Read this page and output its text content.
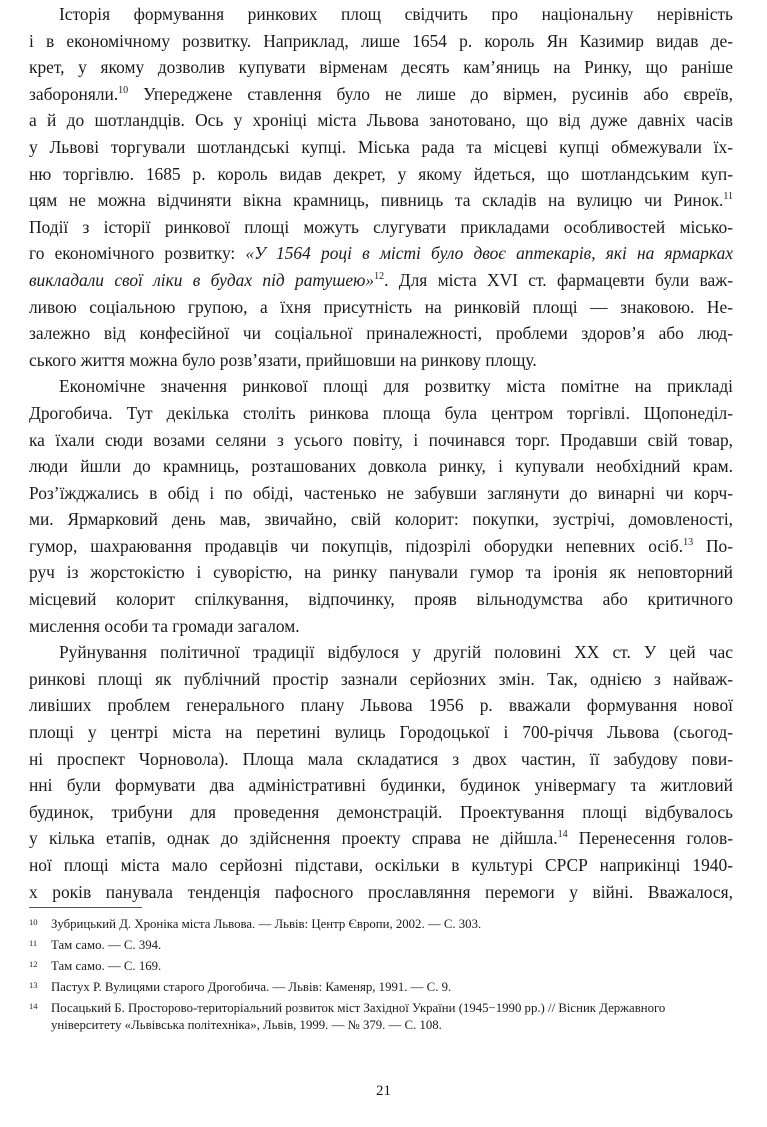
Історія формування ринкових площ свідчить про національну нерівність
і в економічному розвитку. Наприклад, лише 1654 р. король Ян Казимир видав де-
крет, у якому дозволив купувати вірменам десять кам’яниць на Ринку, що раніше
забороняли.$^{10}$ Упереджене ставлення було не лише до вірмен, русинів або євреїв,
а й до шотландців. Ось у хроніці міста Львова занотовано, що від дуже давніх часів
у Львові торгували шотландські купці. Міська рада та місцеві купці обмежували їх-
ню торгівлю. 1685 р. король видав декрет, у якому йдеться, що шотландським куп-
цям не можна відчиняти вікна крамниць, пивниць та складів на вулицю чи Ринок.$^{11}$
Події з історії ринкової площі можуть слугувати прикладами особливостей місько-
го економічного розвитку: «У 1564 році в місті було двоє аптекарів, які на ярмарках
викладали свої ліки в будах під ратушею»$^{12}$. Для міста XVI ст. фармацевти були важ-
ливою соціальною групою, а їхня присутність на ринковій площі — знаковою. Не-
залежно від конфесійної чи соціальної приналежності, проблеми здоров’я або люд-
ського життя можна було розв’язати, прийшовши на ринкову площу.
Економічне значення ринкової площі для розвитку міста помітне на прикладі
Дрогобича. Тут декілька століть ринкова площа була центром торгівлі. Щопонеділ-
ка їхали сюди возами селяни з усього повіту, і починався торг. Продавши свій товар,
люди йшли до крамниць, розташованих довкола ринку, і купували необхідний крам.
Роз’їжджались в обід і по обіді, частенько не забувши заглянути до винарні чи корч-
ми. Ярмарковий день мав, звичайно, свій колорит: покупки, зустрічі, домовленості,
гумор, шахраювання продавців чи покупців, підозрілі оборудки непевних осіб.$^{13}$ По-
руч із жорстокістю і суворістю, на ринку панували гумор та іронія як неповторний
місцевий колорит спілкування, відпочинку, прояв вільнодумства або критичного
мислення особи та громади загалом.
Руйнування політичної традиції відбулося у другій половині XX ст. У цей час
ринкові площі як публічний простір зазнали серйозних змін. Так, однією з найваж-
ливіших проблем генерального плану Львова 1956 р. вважали формування нової
площі у центрі міста на перетині вулиць Городоцької і 700-річчя Львова (сьогод-
ні проспект Чорновола). Площа мала складатися з двох частин, її забудову пови-
нні були формувати два адміністративні будинки, будинок універмагу та житловий
будинок, трибуни для проведення демонстрацій. Проектування площі відбувалось
у кілька етапів, однак до здійснення проекту справа не дійшла.$^{14}$ Перенесення голов-
ної площі міста мало серйозні підстави, оскільки в культурі СРСР наприкінці 1940-
х років панувала тенденція пафосного прославляння перемоги у війні. Вважалося,
10	Зубрицький Д. Хроніка міста Львова. — Львів: Центр Європи, 2002. — С. 303.
11	Там само. — С. 394.
12	Там само. — С. 169.
13	Пастух Р. Вулицями старого Дрогобича. — Львів: Каменяр, 1991. — С. 9.
14	Посацький Б. Просторово-територіальний розвиток міст Західної України (1945−1990 рр.) // Вісник Державного
університету «Львівська політехніка», Львів, 1999. — № 379. — С. 108.
21
